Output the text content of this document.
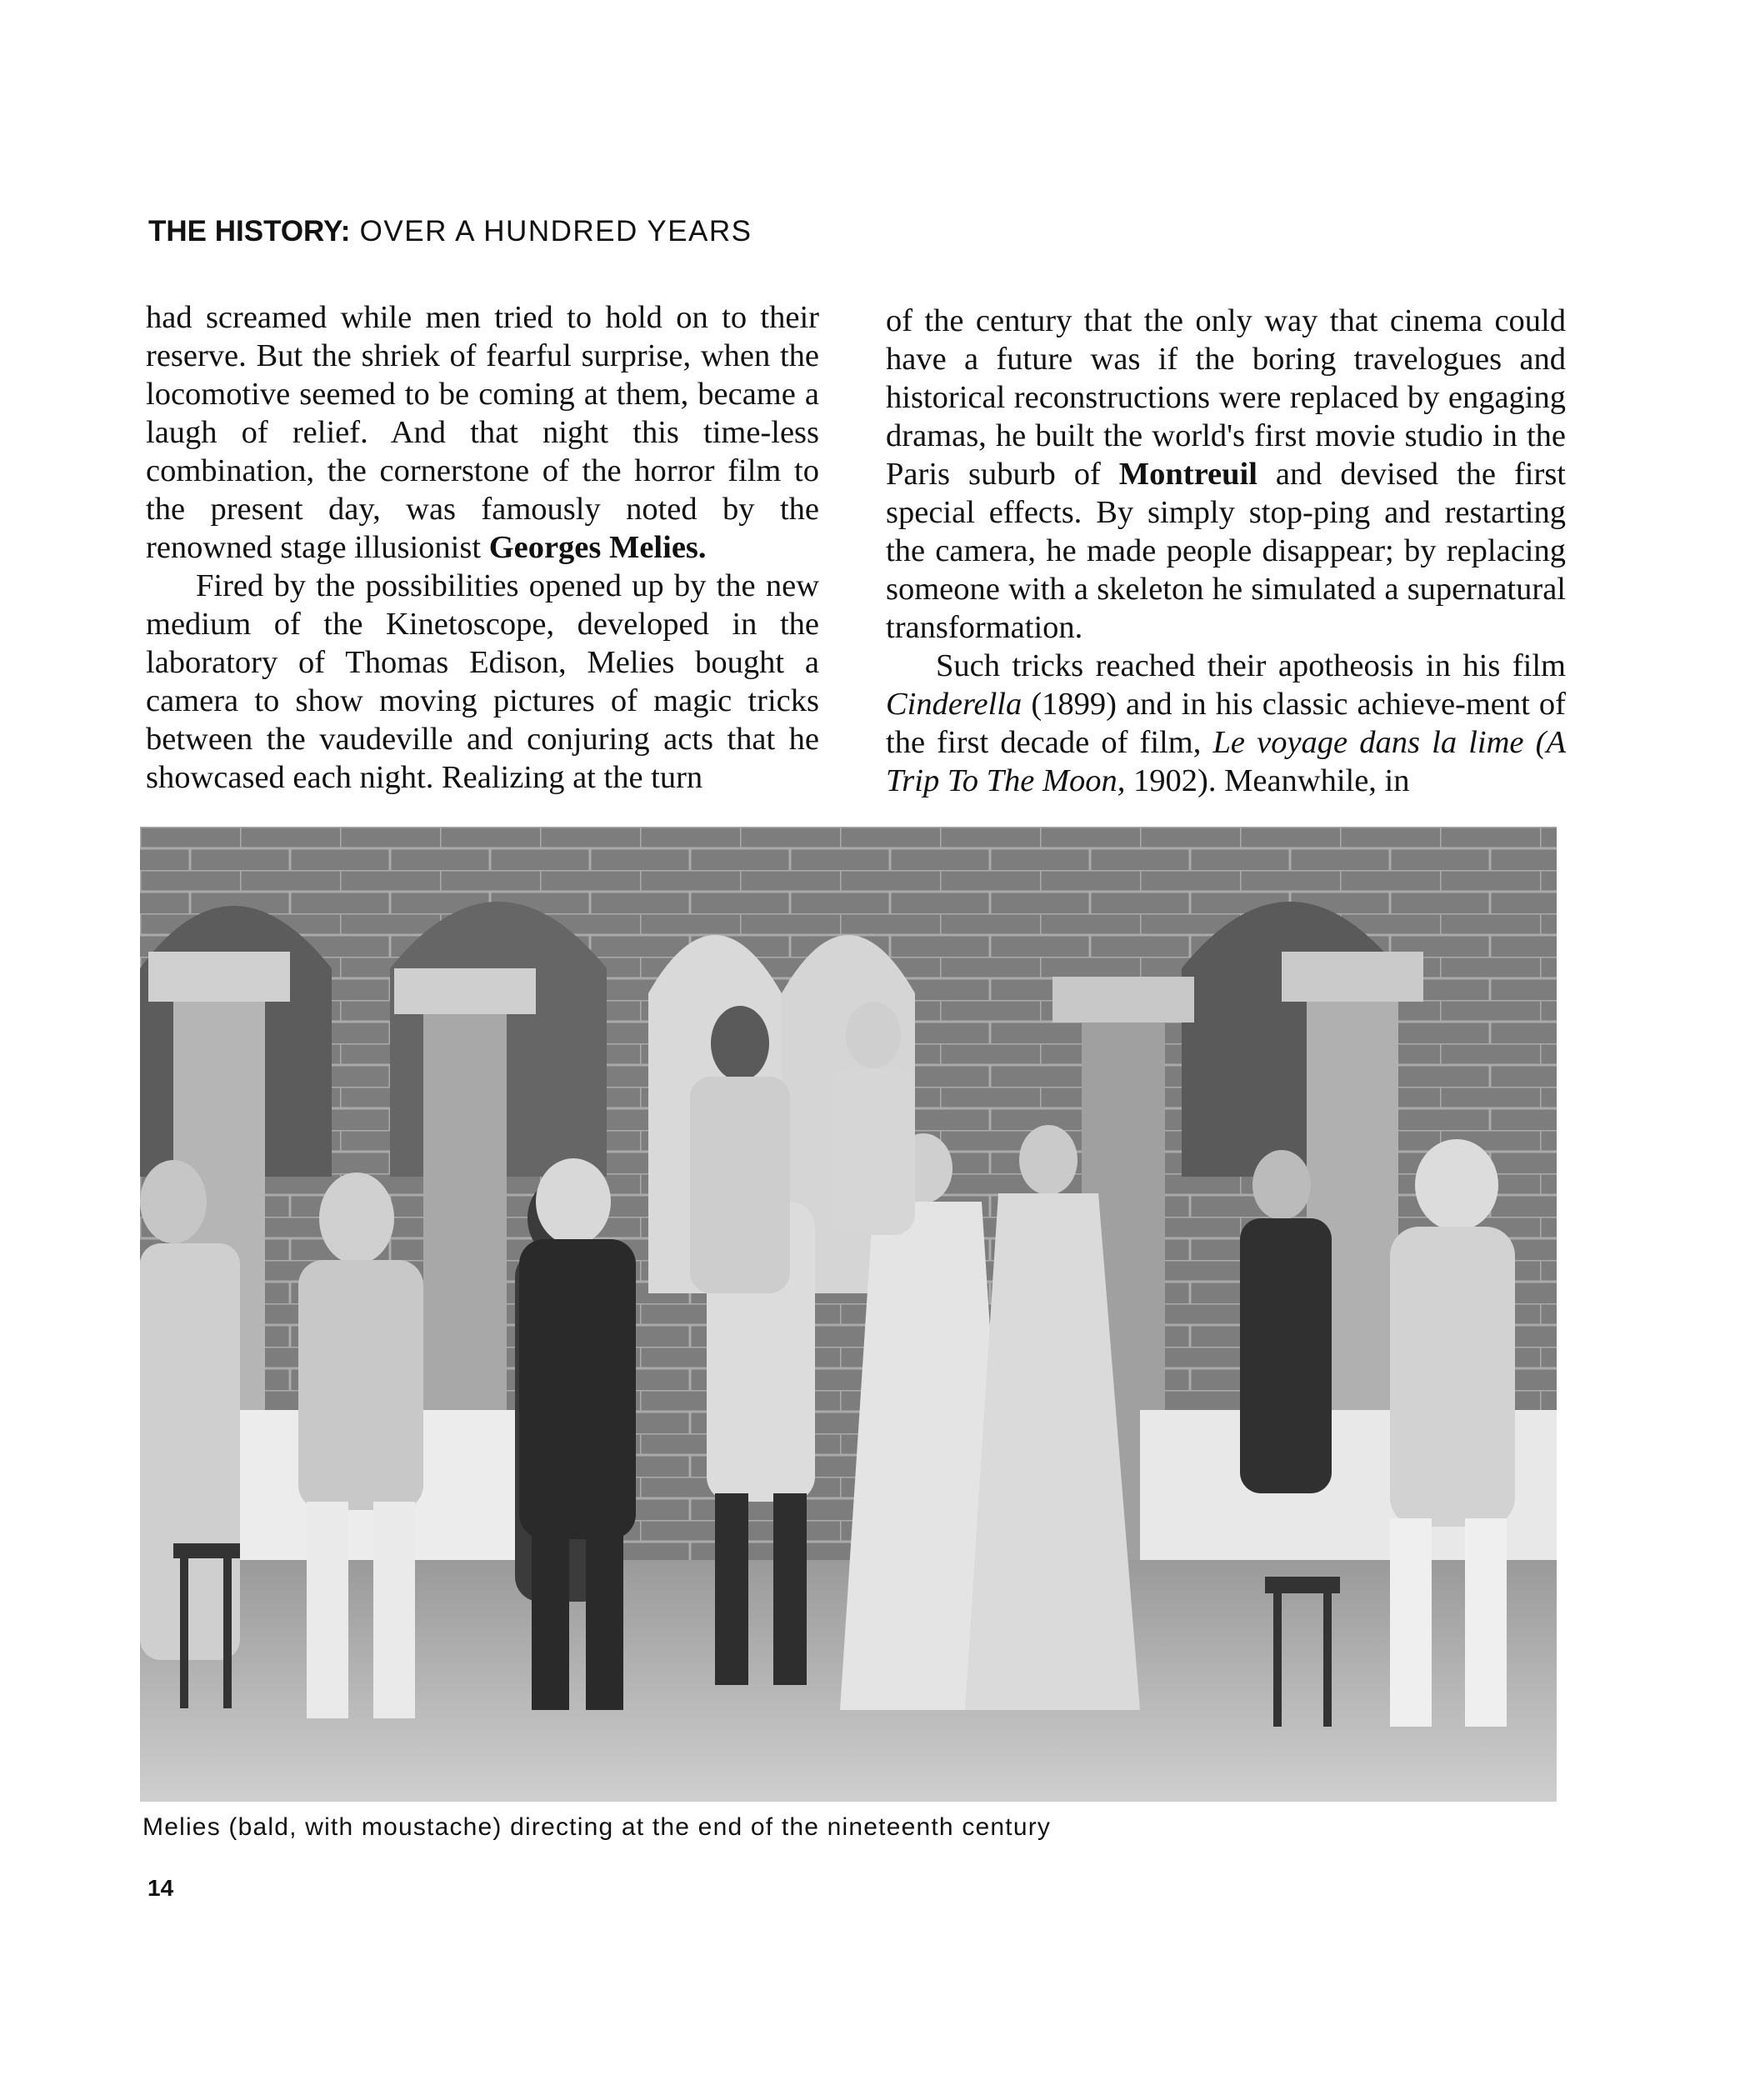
THE HISTORY: OVER A HUNDRED YEARS

had screamed while men tried to hold on to their reserve. But the shriek of fearful surprise, when the locomotive seemed to be coming at them, became a laugh of relief. And that night this time-less combination, the cornerstone of the horror film to the present day, was famously noted by the renowned stage illusionist Georges Melies.

Fired by the possibilities opened up by the new medium of the Kinetoscope, developed in the laboratory of Thomas Edison, Melies bought a camera to show moving pictures of magic tricks between the vaudeville and conjuring acts that he showcased each night. Realizing at the turn

of the century that the only way that cinema could have a future was if the boring travelogues and historical reconstructions were replaced by engaging dramas, he built the world's first movie studio in the Paris suburb of Montreuil and devised the first special effects. By simply stop-ping and restarting the camera, he made people disappear; by replacing someone with a skeleton he simulated a supernatural transformation.

Such tricks reached their apotheosis in his film Cinderella (1899) and in his classic achieve-ment of the first decade of film, Le voyage dans la lime (A Trip To The Moon, 1902). Meanwhile, in

Melies (bald, with moustache) directing at the end of the nineteenth century
14
